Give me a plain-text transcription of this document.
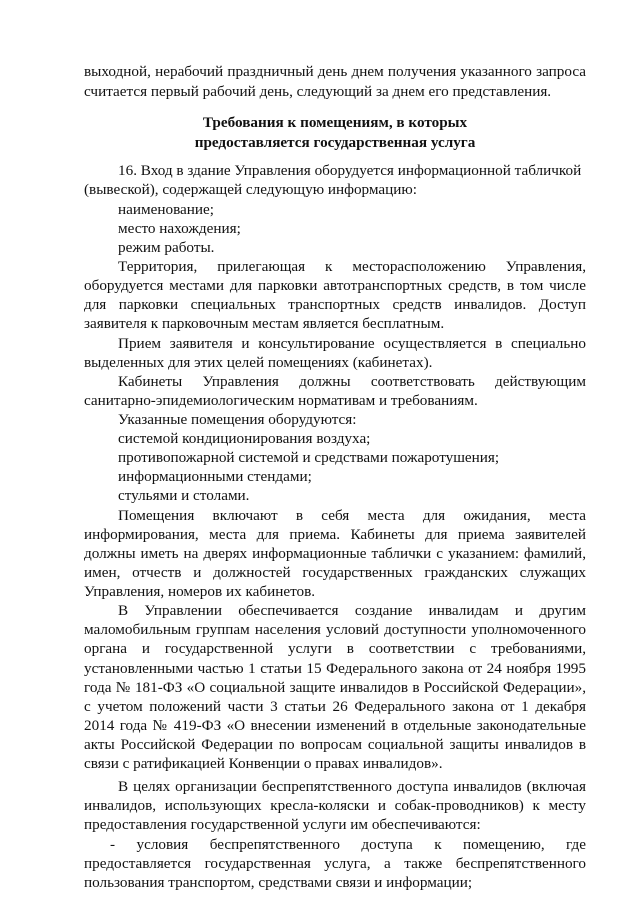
выходной, нерабочий праздничный день днем получения указанного запроса
считается первый рабочий день, следующий за днем его представления.
Требования к помещениям, в которых
предоставляется государственная услуга
16. Вход в здание Управления оборудуется информационной табличкой
(вывеской), содержащей следующую информацию:
наименование;
место нахождения;
режим работы.
Территория, прилегающая к месторасположению Управления,
оборудуется местами для парковки автотранспортных средств, в том числе
для парковки специальных транспортных средств инвалидов. Доступ
заявителя к парковочным местам является бесплатным.
Прием заявителя и консультирование осуществляется в специально
выделенных для этих целей помещениях (кабинетах).
Кабинеты Управления должны соответствовать действующим
санитарно-эпидемиологическим нормативам и требованиям.
Указанные помещения оборудуются:
системой кондиционирования воздуха;
противопожарной системой и средствами пожаротушения;
информационными стендами;
стульями и столами.
Помещения включают в себя места для ожидания, места
информирования, места для приема. Кабинеты для приема заявителей
должны иметь на дверях информационные таблички с указанием: фамилий,
имен, отчеств и должностей государственных гражданских служащих
Управления, номеров их кабинетов.
В Управлении обеспечивается создание инвалидам и другим
маломобильным группам населения условий доступности уполномоченного
органа и государственной услуги в соответствии с требованиями,
установленными частью 1 статьи 15 Федерального закона от 24 ноября 1995
года № 181-ФЗ «О социальной защите инвалидов в Российской Федерации»,
с учетом положений части 3 статьи 26 Федерального закона от 1 декабря
2014 года № 419-ФЗ «О внесении изменений в отдельные законодательные
акты Российской Федерации по вопросам социальной защиты инвалидов в
связи с ратификацией Конвенции о правах инвалидов».
В целях организации беспрепятственного доступа инвалидов (включая
инвалидов, использующих кресла-коляски и собак-проводников) к месту
предоставления государственной услуги им обеспечиваются:
- условия беспрепятственного доступа к помещению, где
предоставляется государственная услуга, а также беспрепятственного
пользования транспортом, средствами связи и информации;
